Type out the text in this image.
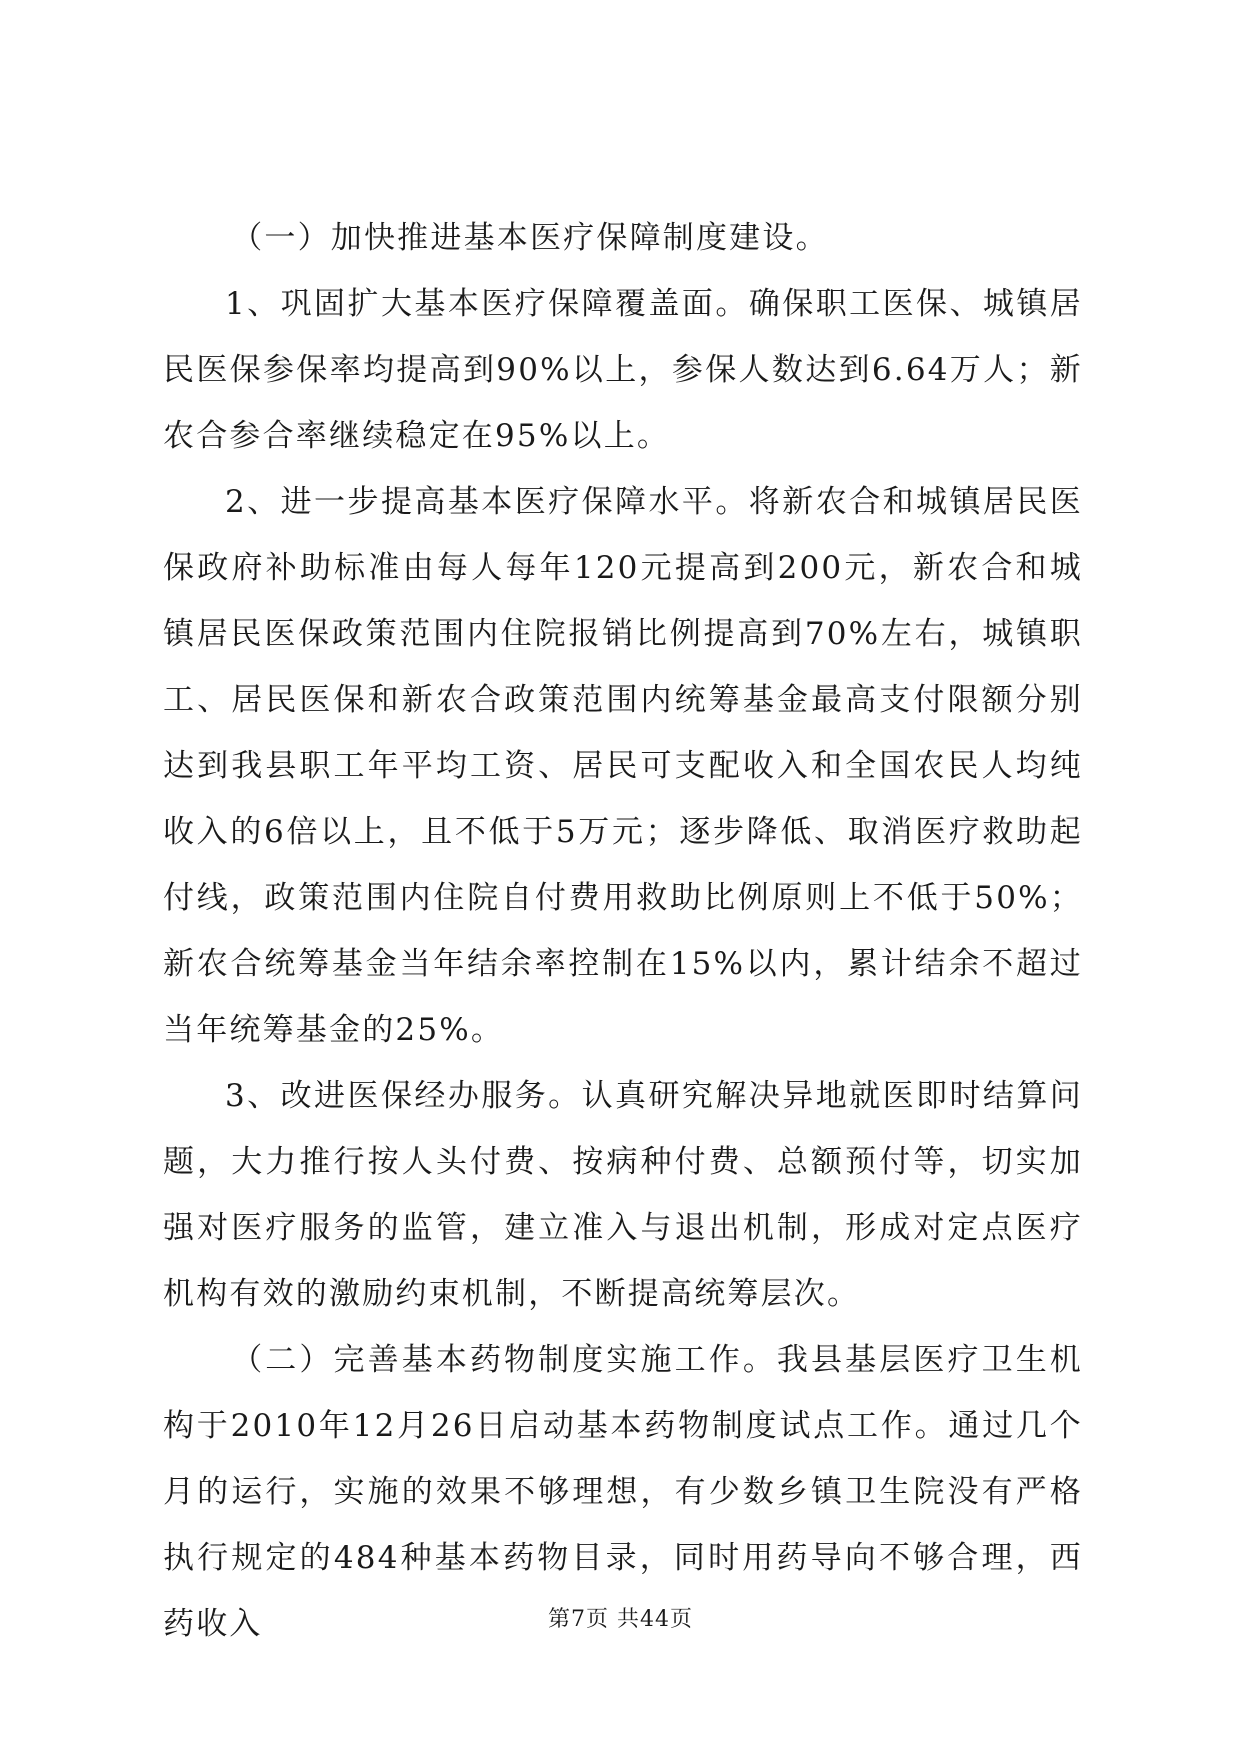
（一）加快推进基本医疗保障制度建设。

1、巩固扩大基本医疗保障覆盖面。确保职工医保、城镇居民医保参保率均提高到90%以上，参保人数达到6.64万人；新农合参合率继续稳定在95%以上。

2、进一步提高基本医疗保障水平。将新农合和城镇居民医保政府补助标准由每人每年120元提高到200元，新农合和城镇居民医保政策范围内住院报销比例提高到70%左右，城镇职工、居民医保和新农合政策范围内统筹基金最高支付限额分别达到我县职工年平均工资、居民可支配收入和全国农民人均纯收入的6倍以上，且不低于5万元；逐步降低、取消医疗救助起付线，政策范围内住院自付费用救助比例原则上不低于50%；新农合统筹基金当年结余率控制在15%以内，累计结余不超过当年统筹基金的25%。

3、改进医保经办服务。认真研究解决异地就医即时结算问题，大力推行按人头付费、按病种付费、总额预付等，切实加强对医疗服务的监管，建立准入与退出机制，形成对定点医疗机构有效的激励约束机制，不断提高统筹层次。

（二）完善基本药物制度实施工作。我县基层医疗卫生机构于2010年12月26日启动基本药物制度试点工作。通过几个月的运行，实施的效果不够理想，有少数乡镇卫生院没有严格执行规定的484种基本药物目录，同时用药导向不够合理，西药收入	第7页 共44页
